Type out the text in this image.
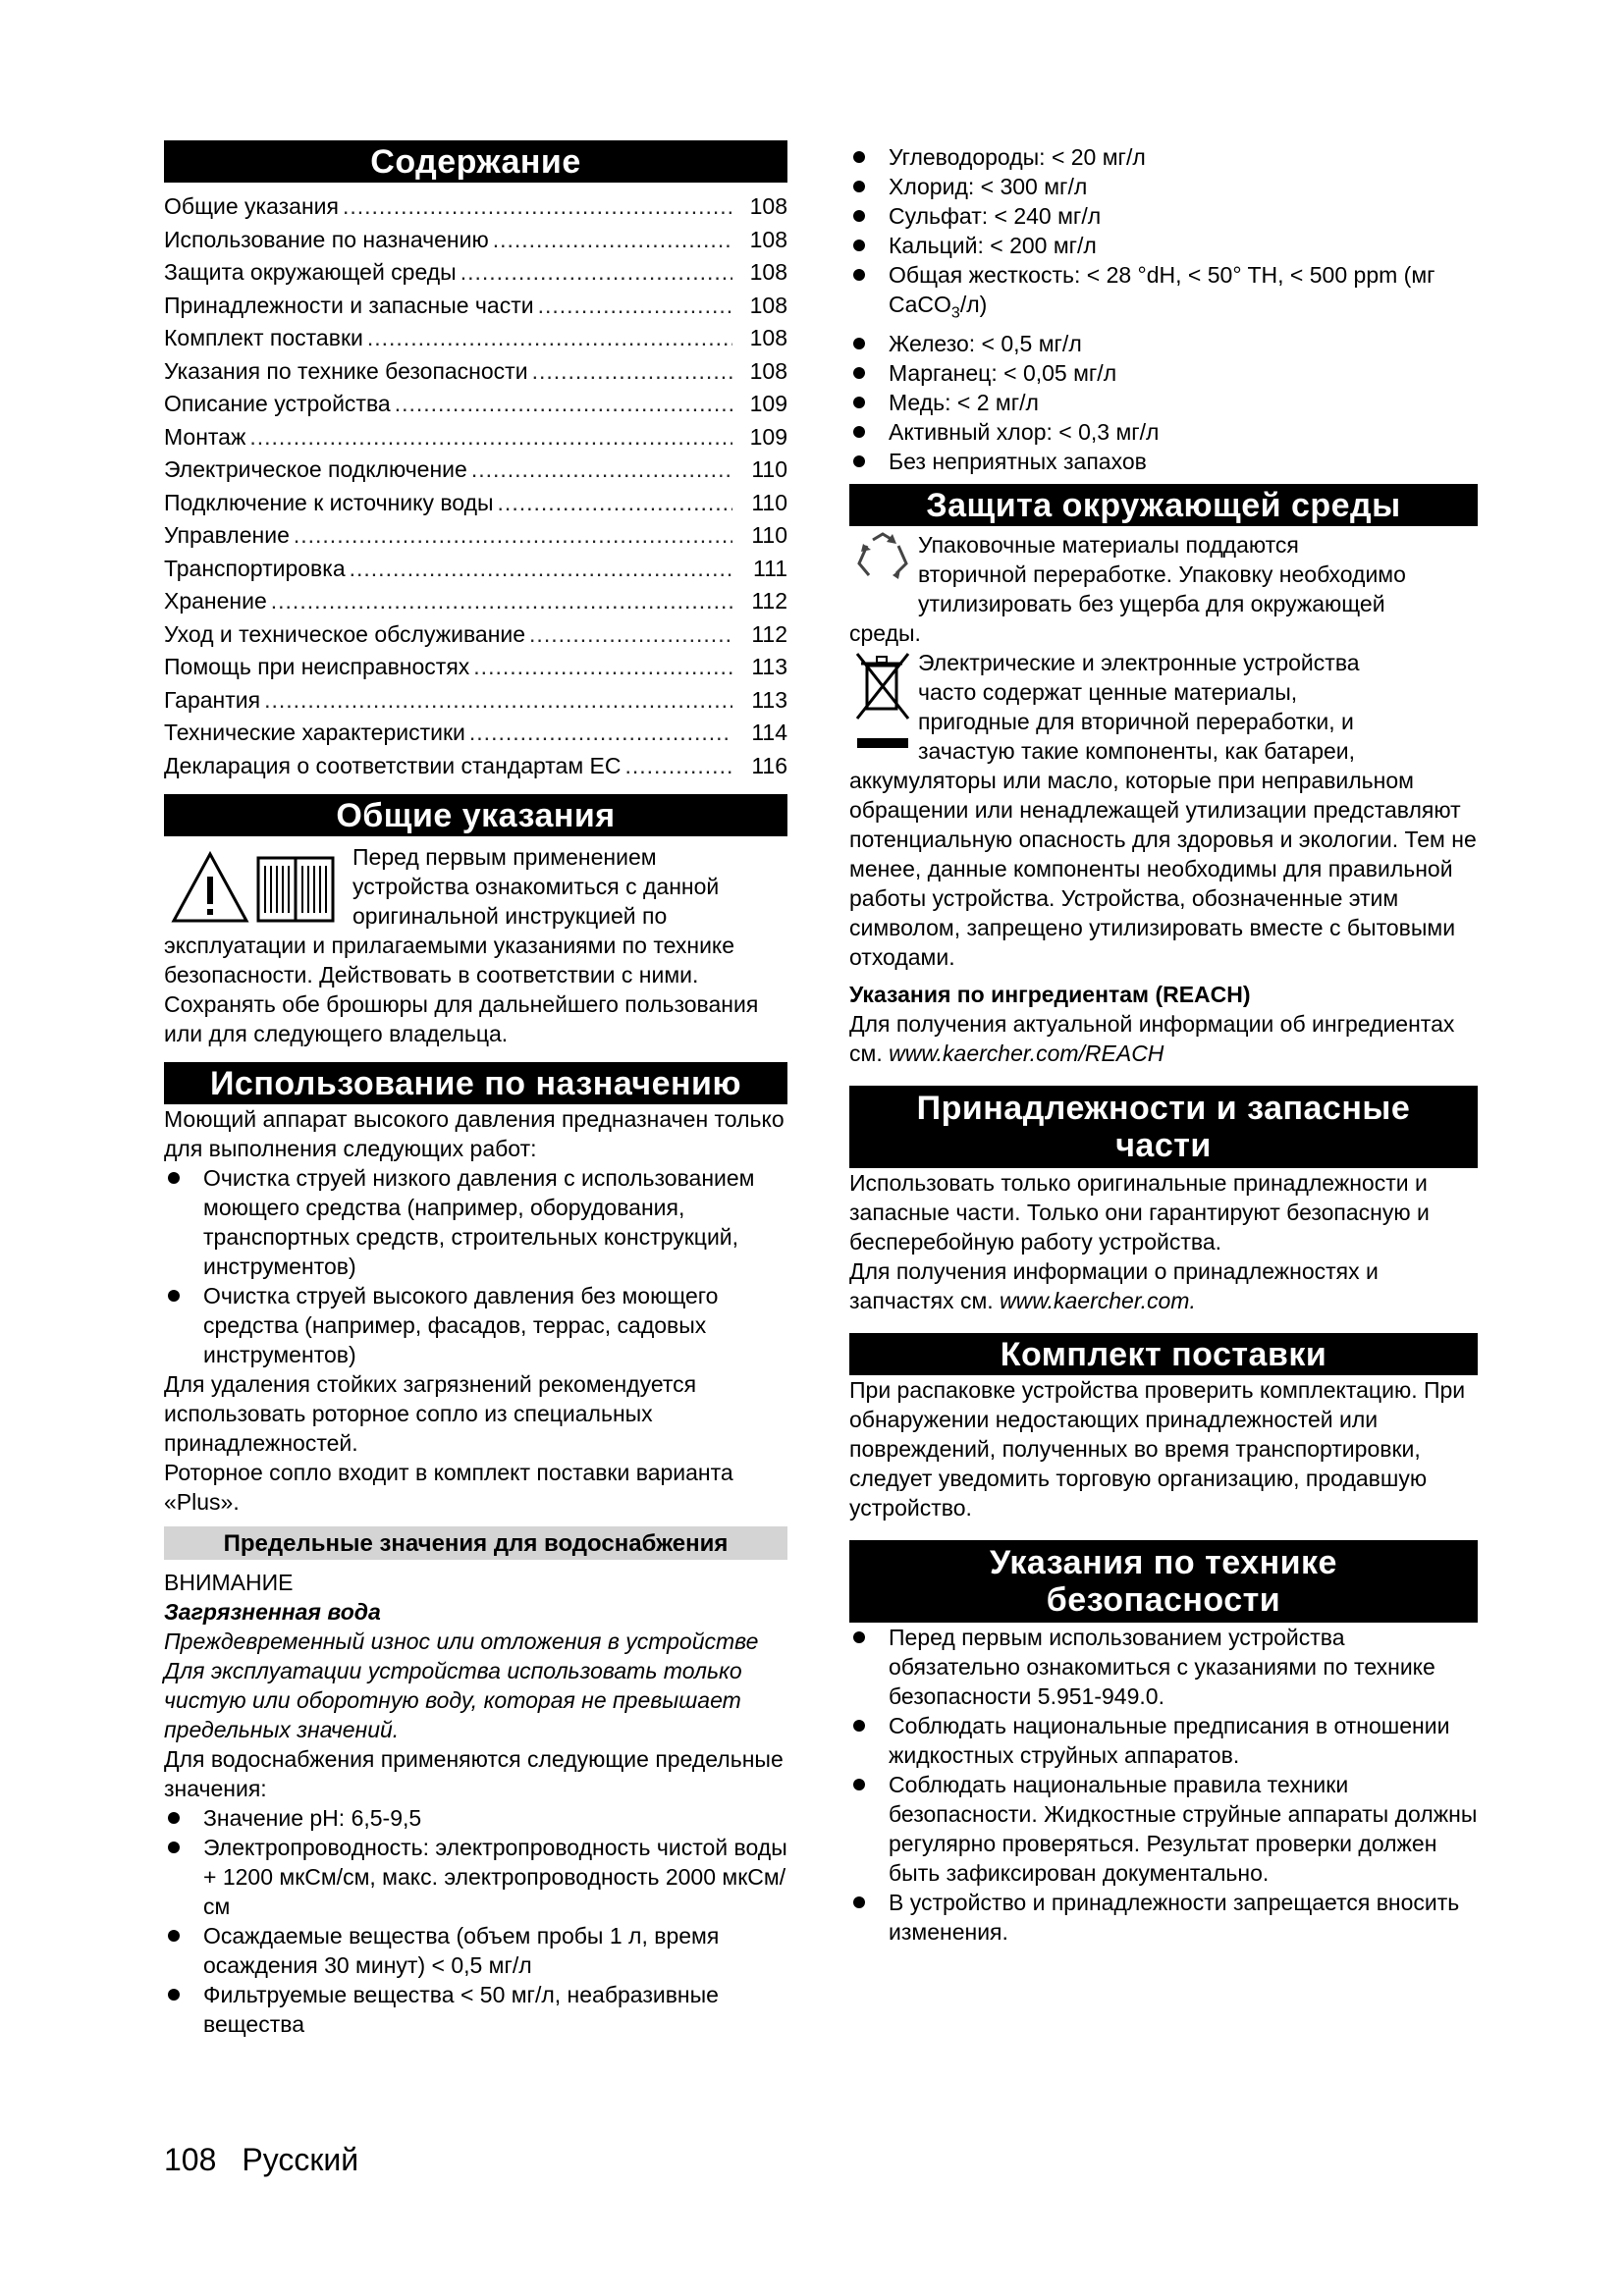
Содержание
Общие указания .....	108
Использование по назначению .....	108
Защита окружающей среды .....	108
Принадлежности и запасные части .....	108
Комплект поставки .....	108
Указания по технике безопасности .....	108
Описание устройства .....	109
Монтаж .....	109
Электрическое подключение .....	110
Подключение к источнику воды .....	110
Управление .....	110
Транспортировка .....	111
Хранение .....	112
Уход и техническое обслуживание .....	112
Помощь при неисправностях .....	113
Гарантия .....	113
Технические характеристики .....	114
Декларация о соответствии стандартам ЕС .....	116
Общие указания

Перед первым применением

устройства ознакомиться с данной

оригинальной инструкцией по

эксплуатации и прилагаемыми указаниями по технике безопасности. Действовать в соответствии с ними.

Сохранять обе брошюры для дальнейшего пользования или для следующего владельца.

Использование по назначению

Моющий аппарат высокого давления предназначен только для выполнения следующих работ:

Очистка струей низкого давления с использованием моющего средства (например, оборудования, транспортных средств, строительных конструкций, инструментов)
Очистка струей высокого давления без моющего средства (например, фасадов, террас, садовых инструментов)

Для удаления стойких загрязнений рекомендуется использовать роторное сопло из специальных принадлежностей.

Роторное сопло входит в комплект поставки варианта «Plus».

Предельные значения для водоснабжения

ВНИМАНИЕ

Загрязненная вода

Преждевременный износ или отложения в устройстве

Для эксплуатации устройства использовать только чистую или оборотную воду, которая не превышает предельных значений.

Для водоснабжения применяются следующие предельные значения:

Значение pH: 6,5-9,5
Электропроводность: электропроводность чистой воды + 1200 мкСм/см, макс. электропроводность 2000 мкСм/см
Осаждаемые вещества (объем пробы 1 л, время осаждения 30 минут) < 0,5 мг/л
Фильтруемые вещества < 50 мг/л, неабразивные вещества
Углеводороды: < 20 мг/л
Хлорид: < 300 мг/л
Сульфат: < 240 мг/л
Кальций: < 200 мг/л
Общая жесткость: < 28 °dH, < 50° TH, < 500 ppm (мг CaCO$_3$/л)
Железо: < 0,5 мг/л
Марганец: < 0,05 мг/л
Медь: < 2 мг/л
Активный хлор: < 0,3 мг/л
Без неприятных запахов
Защита окружающей среды

Упаковочные материалы поддаются

вторичной переработке. Упаковку необходимо

утилизировать без ущерба для окружающей

среды.

Электрические и электронные устройства

часто содержат ценные материалы,

пригодные для вторичной переработки, и

зачастую такие компоненты, как батареи,

аккумуляторы или масло, которые при неправильном обращении или ненадлежащей утилизации представляют потенциальную опасность для здоровья и экологии. Тем не менее, данные компоненты необходимы для правильной работы устройства. Устройства, обозначенные этим символом, запрещено утилизировать вместе с бытовыми отходами.

Указания по ингредиентам (REACH)

Для получения актуальной информации об ингредиентах см. www.kaercher.com/REACH

Принадлежности и запасные
части

Использовать только оригинальные принадлежности и запасные части. Только они гарантируют безопасную и бесперебойную работу устройства.

Для получения информации о принадлежностях и запчастях см. www.kaercher.com.

Комплект поставки

При распаковке устройства проверить комплектацию. При обнаружении недостающих принадлежностей или повреждений, полученных во время транспортировки, следует уведомить торговую организацию, продавшую устройство.

Указания по технике
безопасности
Перед первым использованием устройства обязательно ознакомиться с указаниями по технике безопасности 5.951-949.0.
Соблюдать национальные предписания в отношении жидкостных струйных аппаратов.
Соблюдать национальные правила техники безопасности. Жидкостные струйные аппараты должны регулярно проверяться. Результат проверки должен быть зафиксирован документально.
В устройство и принадлежности запрещается вносить изменения.
108 Русский
